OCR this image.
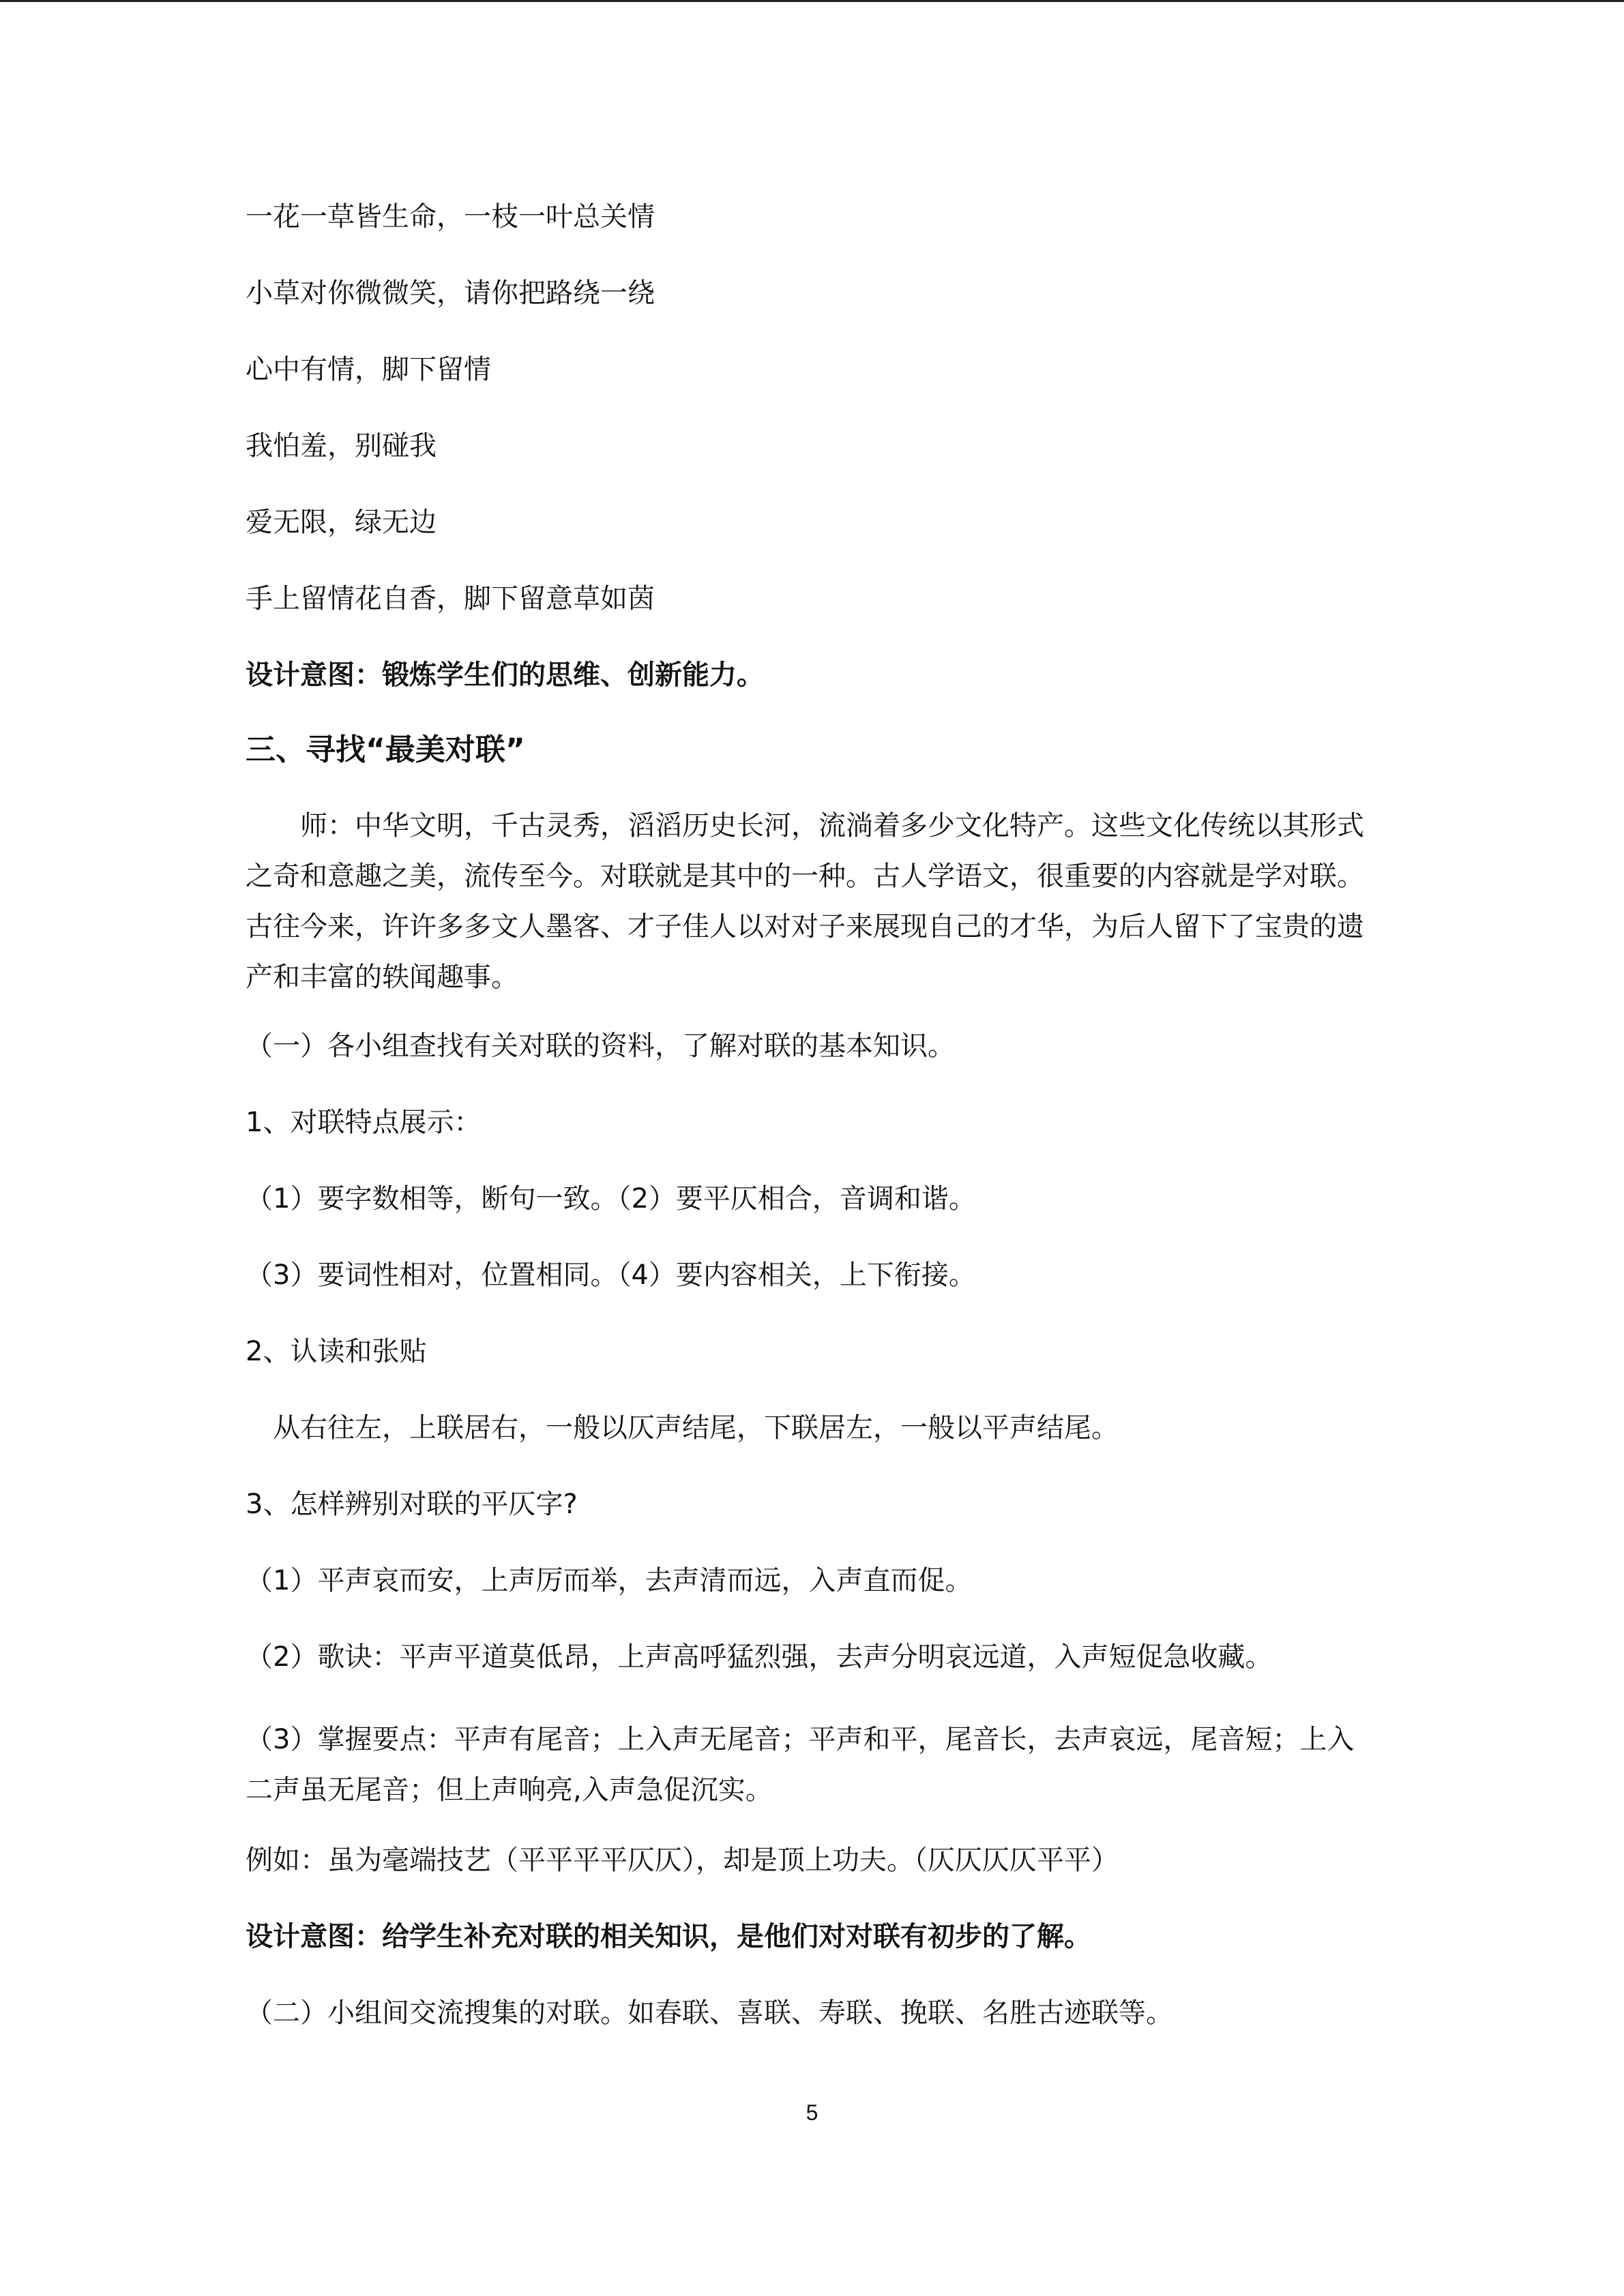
一花一草皆生命，一枝一叶总关情
小草对你微微笑，请你把路绕一绕
心中有情，脚下留情
我怕羞，别碰我
爱无限，绿无边
手上留情花自香，脚下留意草如茵
设计意图：锻炼学生们的思维、创新能力。
三、寻找“最美对联”
师：中华文明，千古灵秀，滔滔历史长河，流淌着多少文化特产。这些文化传统以其形式之奇和意趣之美，流传至今。对联就是其中的一种。古人学语文，很重要的内容就是学对联。古往今来，许许多多文人墨客、才子佳人以对对子来展现自己的才华，为后人留下了宝贵的遗产和丰富的轶闻趣事。
（一）各小组查找有关对联的资料，了解对联的基本知识。
1、对联特点展示：
（1）要字数相等，断句一致。（2）要平仄相合，音调和谐。
（3）要词性相对，位置相同。（4）要内容相关，上下衔接。
2、认读和张贴
从右往左，上联居右，一般以仄声结尾，下联居左，一般以平声结尾。
3、怎样辨别对联的平仄字?
（1）平声哀而安，上声厉而举，去声清而远，入声直而促。
（2）歌诀：平声平道莫低昂，上声高呼猛烈强，去声分明哀远道，入声短促急收藏。
（3）掌握要点：平声有尾音；上入声无尾音；平声和平，尾音长，去声哀远，尾音短；上入二声虽无尾音；但上声响亮,入声急促沉实。
例如：虽为毫端技艺（平平平平仄仄），却是顶上功夫。（仄仄仄仄平平）
设计意图：给学生补充对联的相关知识，是他们对对联有初步的了解。
（二）小组间交流搜集的对联。如春联、喜联、寿联、挽联、名胜古迹联等。
5
